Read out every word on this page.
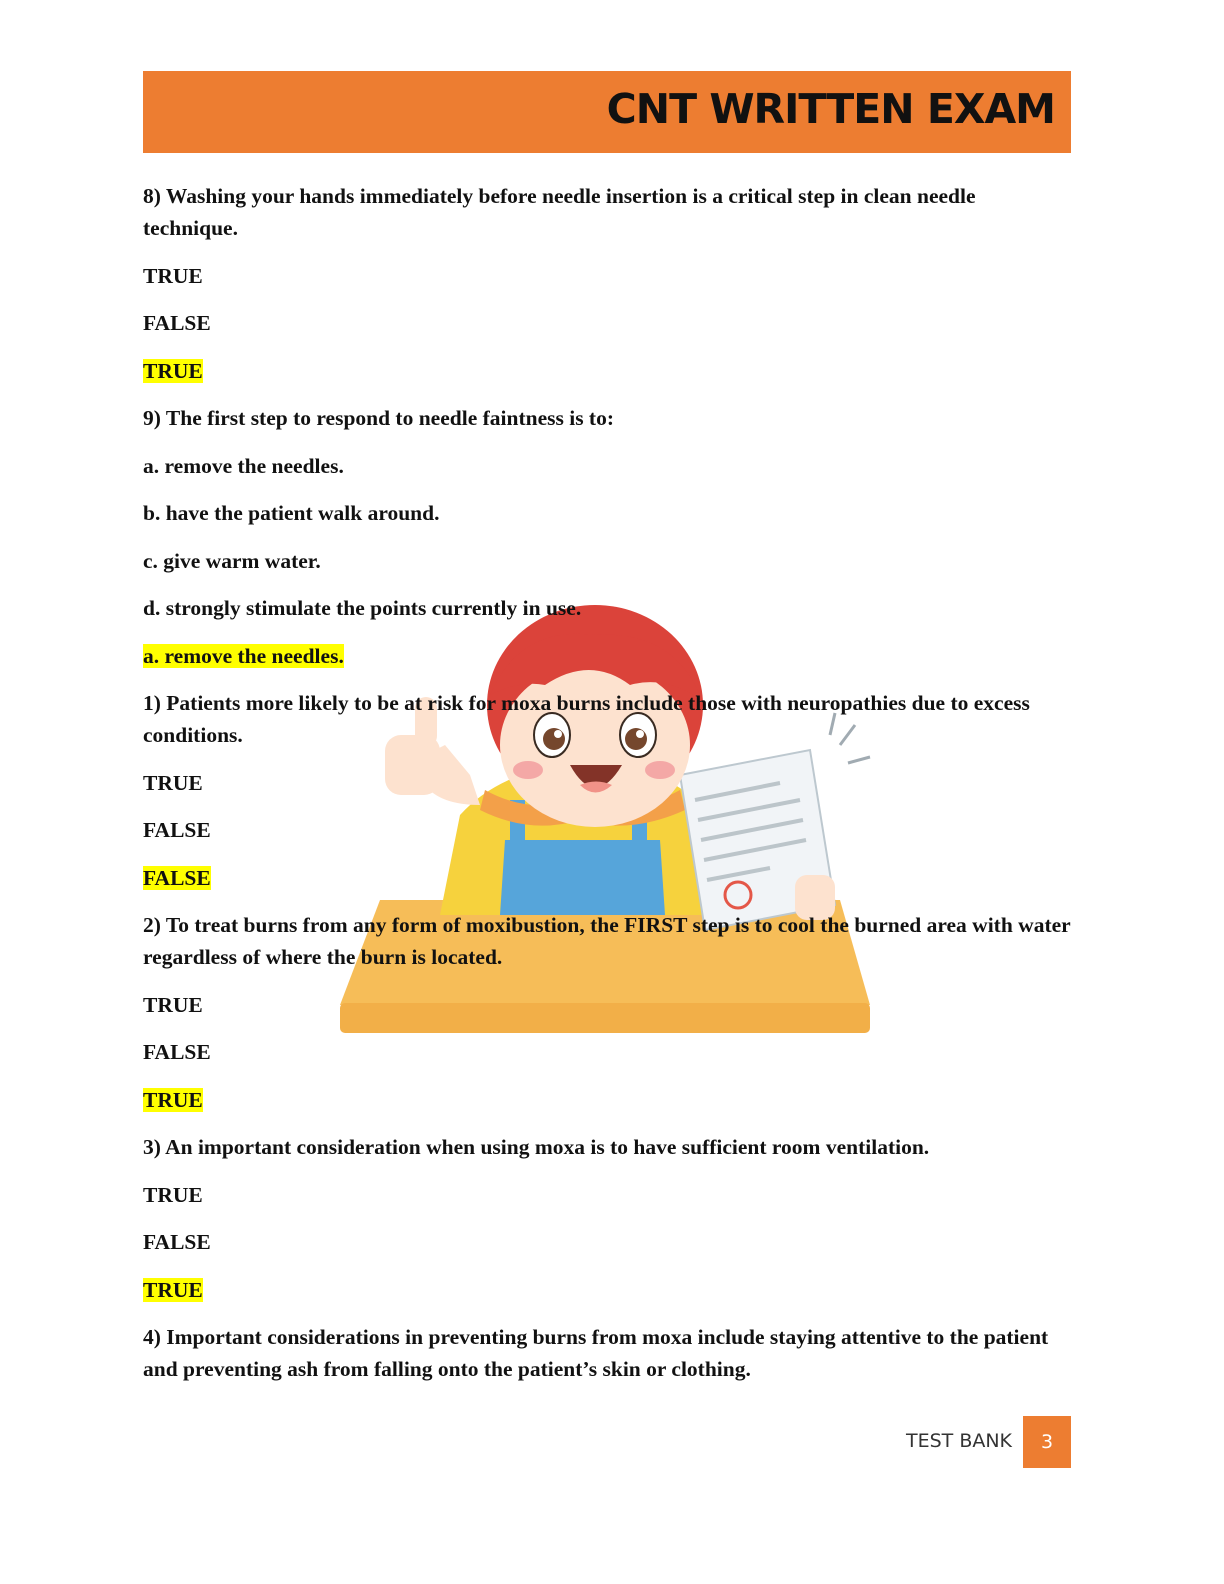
CNT WRITTEN EXAM

8) Washing your hands immediately before needle insertion is a critical step in clean needle technique.

TRUE

FALSE

TRUE

9) The first step to respond to needle faintness is to:

a. remove the needles.

b. have the patient walk around.

c. give warm water.

d. strongly stimulate the points currently in use.

a. remove the needles.

1) Patients more likely to be at risk for moxa burns include those with neuropathies due to excess conditions.

TRUE

FALSE

FALSE

2) To treat burns from any form of moxibustion, the FIRST step is to cool the burned area with water regardless of where the burn is located.

TRUE

FALSE

TRUE

3) An important consideration when using moxa is to have sufficient room ventilation.

TRUE

FALSE

TRUE

4) Important considerations in preventing burns from moxa include staying attentive to the patient and preventing ash from falling onto the patient’s skin or clothing.

TEST BANK	3
